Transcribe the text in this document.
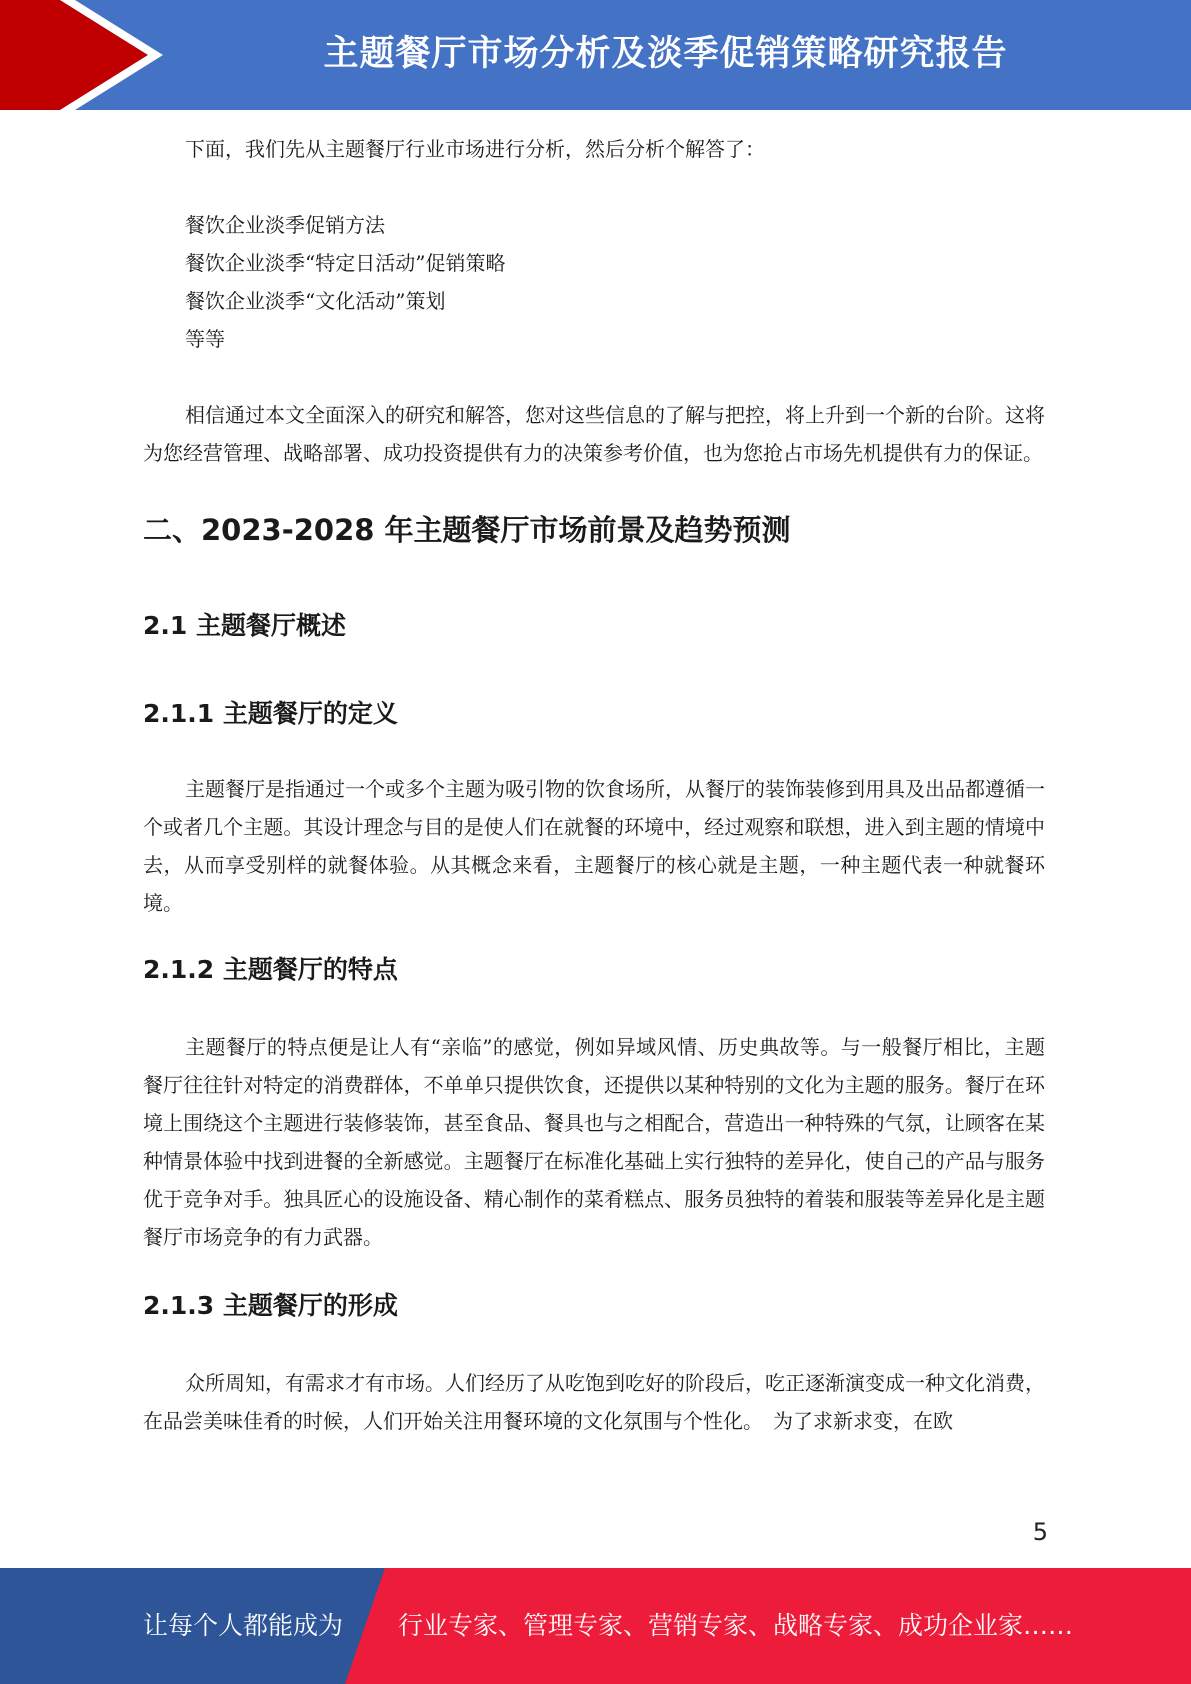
主题餐厅市场分析及淡季促销策略研究报告

下面，我们先从主题餐厅行业市场进行分析，然后分析个解答了：

餐饮企业淡季促销方法

餐饮企业淡季“特定日活动”促销策略

餐饮企业淡季“文化活动”策划

等等

相信通过本文全面深入的研究和解答，您对这些信息的了解与把控，将上升到一个新的台阶。这将为您经营管理、战略部署、成功投资提供有力的决策参考价值，也为您抢占市场先机提供有力的保证。

二、2023-2028 年主题餐厅市场前景及趋势预测
2.1 主题餐厅概述
2.1.1 主题餐厅的定义

主题餐厅是指通过一个或多个主题为吸引物的饮食场所，从餐厅的装饰装修到用具及出品都遵循一个或者几个主题。其设计理念与目的是使人们在就餐的环境中，经过观察和联想，进入到主题的情境中去，从而享受别样的就餐体验。从其概念来看，主题餐厅的核心就是主题，一种主题代表一种就餐环境。

2.1.2 主题餐厅的特点

主题餐厅的特点便是让人有“亲临”的感觉，例如异域风情、历史典故等。与一般餐厅相比，主题餐厅往往针对特定的消费群体，不单单只提供饮食，还提供以某种特别的文化为主题的服务。餐厅在环境上围绕这个主题进行装修装饰，甚至食品、餐具也与之相配合，营造出一种特殊的气氛，让顾客在某种情景体验中找到进餐的全新感觉。主题餐厅在标准化基础上实行独特的差异化，使自己的产品与服务优于竞争对手。独具匠心的设施设备、精心制作的菜肴糕点、服务员独特的着装和服装等差异化是主题餐厅市场竞争的有力武器。

2.1.3 主题餐厅的形成

众所周知，有需求才有市场。人们经历了从吃饱到吃好的阶段后，吃正逐渐演变成一种文化消费，在品尝美味佳肴的时候，人们开始关注用餐环境的文化氛围与个性化。　为了求新求变，在欧

5
让每个人都能成为 行业专家、管理专家、营销专家、战略专家、成功企业家……
